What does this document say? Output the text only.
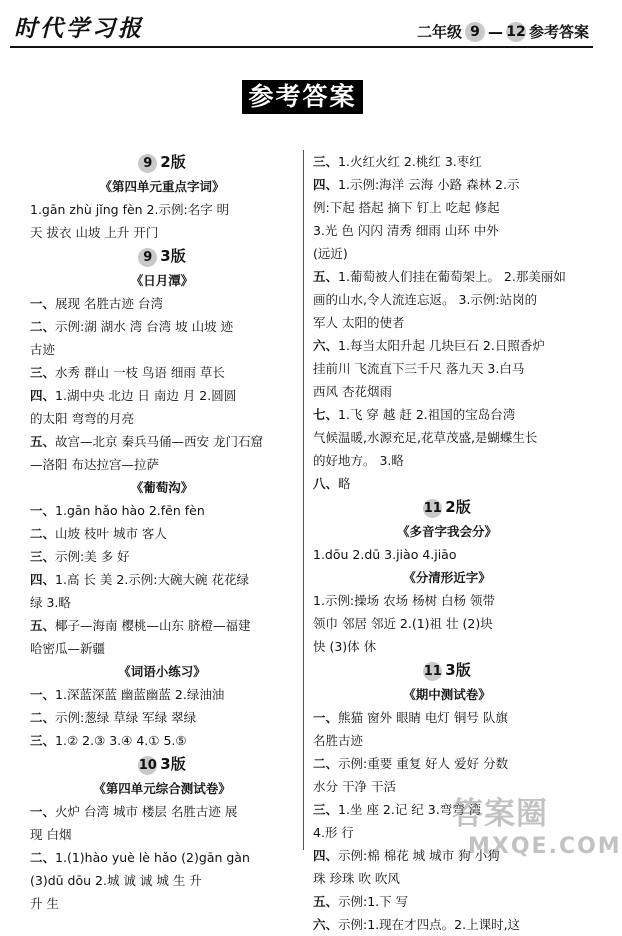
时代学习报	二年级 9 — 12 参考答案
参考答案
9 2版
《第四单元重点字词》
1.gān zhù jǐng fèn 2.示例:名字 明
天 拔衣 山坡 上升 开门
9 3版
《日月潭》
一、展现 名胜古迹 台湾
二、示例:湖 湖水 湾 台湾 坡 山坡 迹
古迹
三、水秀 群山 一枝 鸟语 细雨 草长
四、1.湖中央 北边 日 南边 月 2.圆圆
的太阳 弯弯的月亮
五、故宫—北京 秦兵马俑—西安 龙门石窟
—洛阳 布达拉宫—拉萨
《葡萄沟》
一、1.gān hǎo hào 2.fēn fèn
二、山坡 枝叶 城市 客人
三、示例:美 多 好
四、1.高 长 美 2.示例:大碗大碗 花花绿
绿 3.略
五、椰子—海南 樱桃—山东 脐橙—福建
哈密瓜—新疆
《词语小练习》
一、1.深蓝深蓝 幽蓝幽蓝 2.绿油油
二、示例:葱绿 草绿 军绿 翠绿
三、1.② 2.③ 3.④ 4.① 5.⑤
10 3版
《第四单元综合测试卷》
一、火炉 台湾 城市 楼层 名胜古迹 展
现 白烟
二、1.(1)hào yuè lè hǎo (2)gān gàn
(3)dū dōu 2.城 诚 诚 城 生 升
升 生
三、1.火红火红 2.桃红 3.枣红
四、1.示例:海洋 云海 小路 森林 2.示
例:下起 搭起 摘下 钉上 吃起 修起
3.光 色 闪闪 清秀 细雨 山环 中外
(远近)
五、1.葡萄被人们挂在葡萄架上。 2.那美丽如
画的山水,令人流连忘返。 3.示例:站岗的
军人 太阳的使者
六、1.每当太阳升起 几块巨石 2.日照香炉
挂前川 飞流直下三千尺 落九天 3.白马
西风 杏花烟雨
七、1.飞 穿 越 赶 2.祖国的宝岛台湾
气候温暖,水源充足,花草茂盛,是蝴蝶生长
的好地方。 3.略
八、略
11 2版
《多音字我会分》
1.dōu 2.dū 3.jiào 4.jiāo
《分清形近字》
1.示例:操场 农场 杨树 白杨 领带
领巾 邻居 邻近 2.(1)祖 壮 (2)块
快 (3)体 休
11 3版
《期中测试卷》
一、熊猫 窗外 眼睛 电灯 铜号 队旗
名胜古迹
二、示例:重要 重复 好人 爱好 分数
水分 干净 干活
三、1.坐 座 2.记 纪 3.弯弯 湾
4.形 行
四、示例:棉 棉花 城 城市 狗 小狗
珠 珍珠 吹 吹风
五、示例:1.下 写
六、示例:1.现在才四点。2.上课时,这
答案圈
MXQE.COM
